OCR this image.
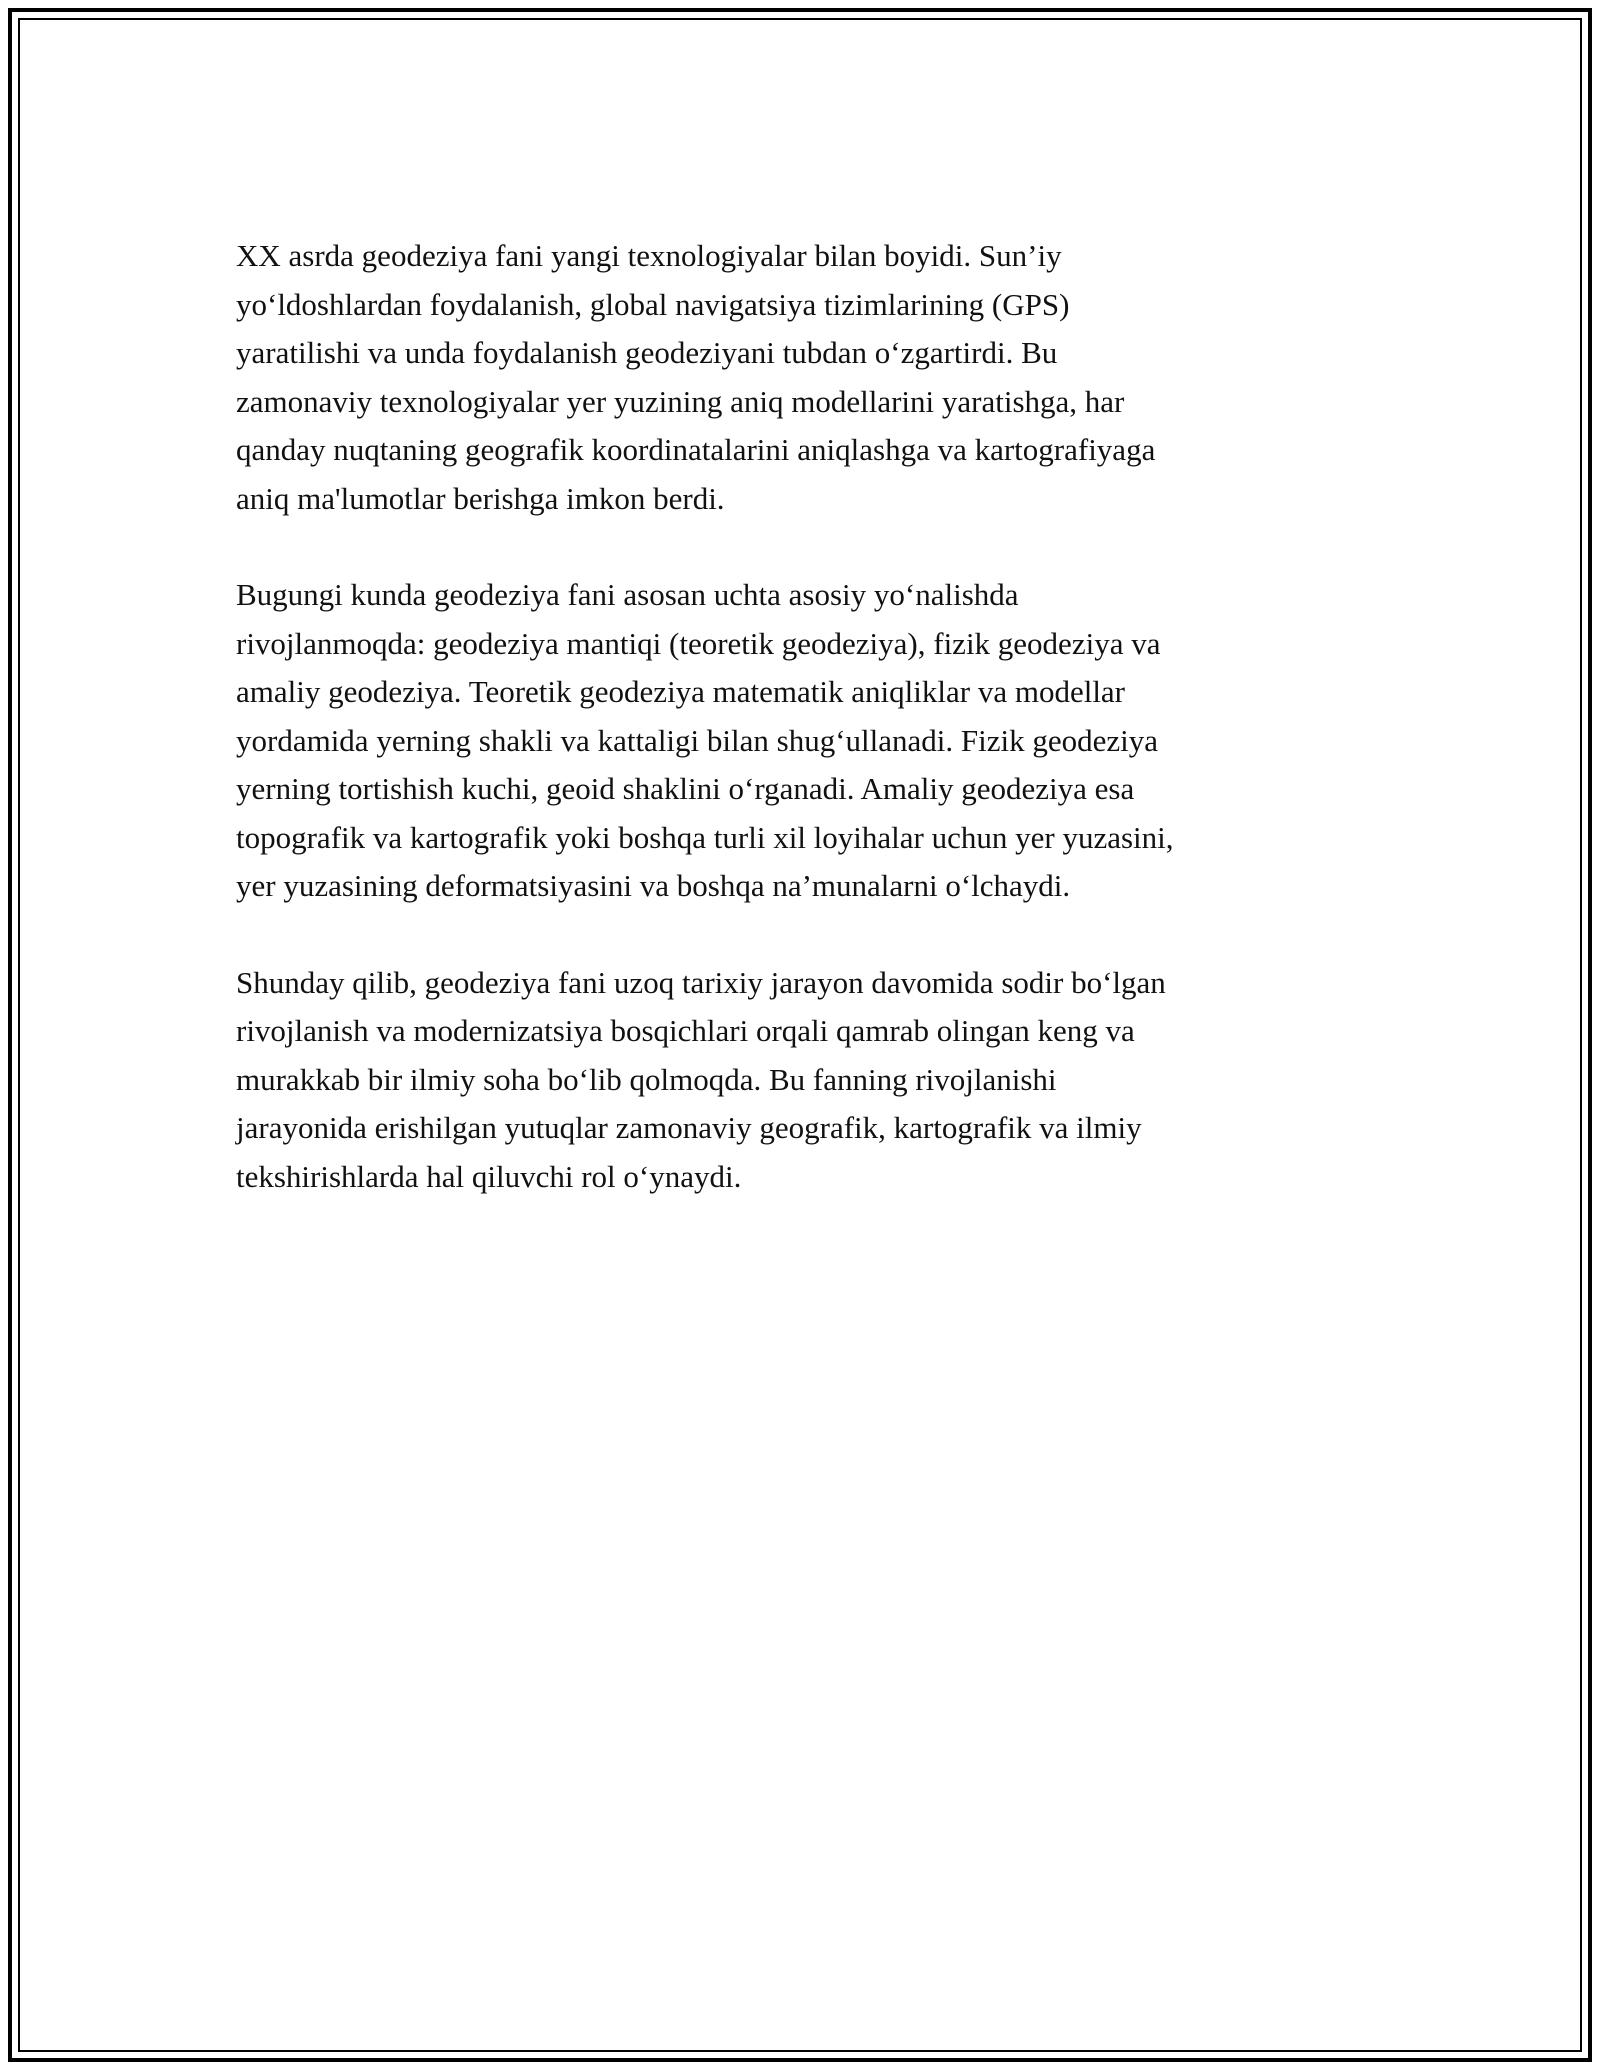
XX asrda geodeziya fani yangi texnologiyalar bilan boyidi. Sun’iy
yo‘ldoshlardan foydalanish, global navigatsiya tizimlarining (GPS)
yaratilishi va unda foydalanish geodeziyani tubdan o‘zgartirdi. Bu
zamonaviy texnologiyalar yer yuzining aniq modellarini yaratishga, har
qanday nuqtaning geografik koordinatalarini aniqlashga va kartografiyaga
aniq ma'lumotlar berishga imkon berdi.

Bugungi kunda geodeziya fani asosan uchta asosiy yo‘nalishda
rivojlanmoqda: geodeziya mantiqi (teoretik geodeziya), fizik geodeziya va
amaliy geodeziya. Teoretik geodeziya matematik aniqliklar va modellar
yordamida yerning shakli va kattaligi bilan shug‘ullanadi. Fizik geodeziya
yerning tortishish kuchi, geoid shaklini o‘rganadi. Amaliy geodeziya esa
topografik va kartografik yoki boshqa turli xil loyihalar uchun yer yuzasini,
yer yuzasining deformatsiyasini va boshqa na’munalarni o‘lchaydi.

Shunday qilib, geodeziya fani uzoq tarixiy jarayon davomida sodir bo‘lgan
rivojlanish va modernizatsiya bosqichlari orqali qamrab olingan keng va
murakkab bir ilmiy soha bo‘lib qolmoqda. Bu fanning rivojlanishi
jarayonida erishilgan yutuqlar zamonaviy geografik, kartografik va ilmiy
tekshirishlarda hal qiluvchi rol o‘ynaydi.
